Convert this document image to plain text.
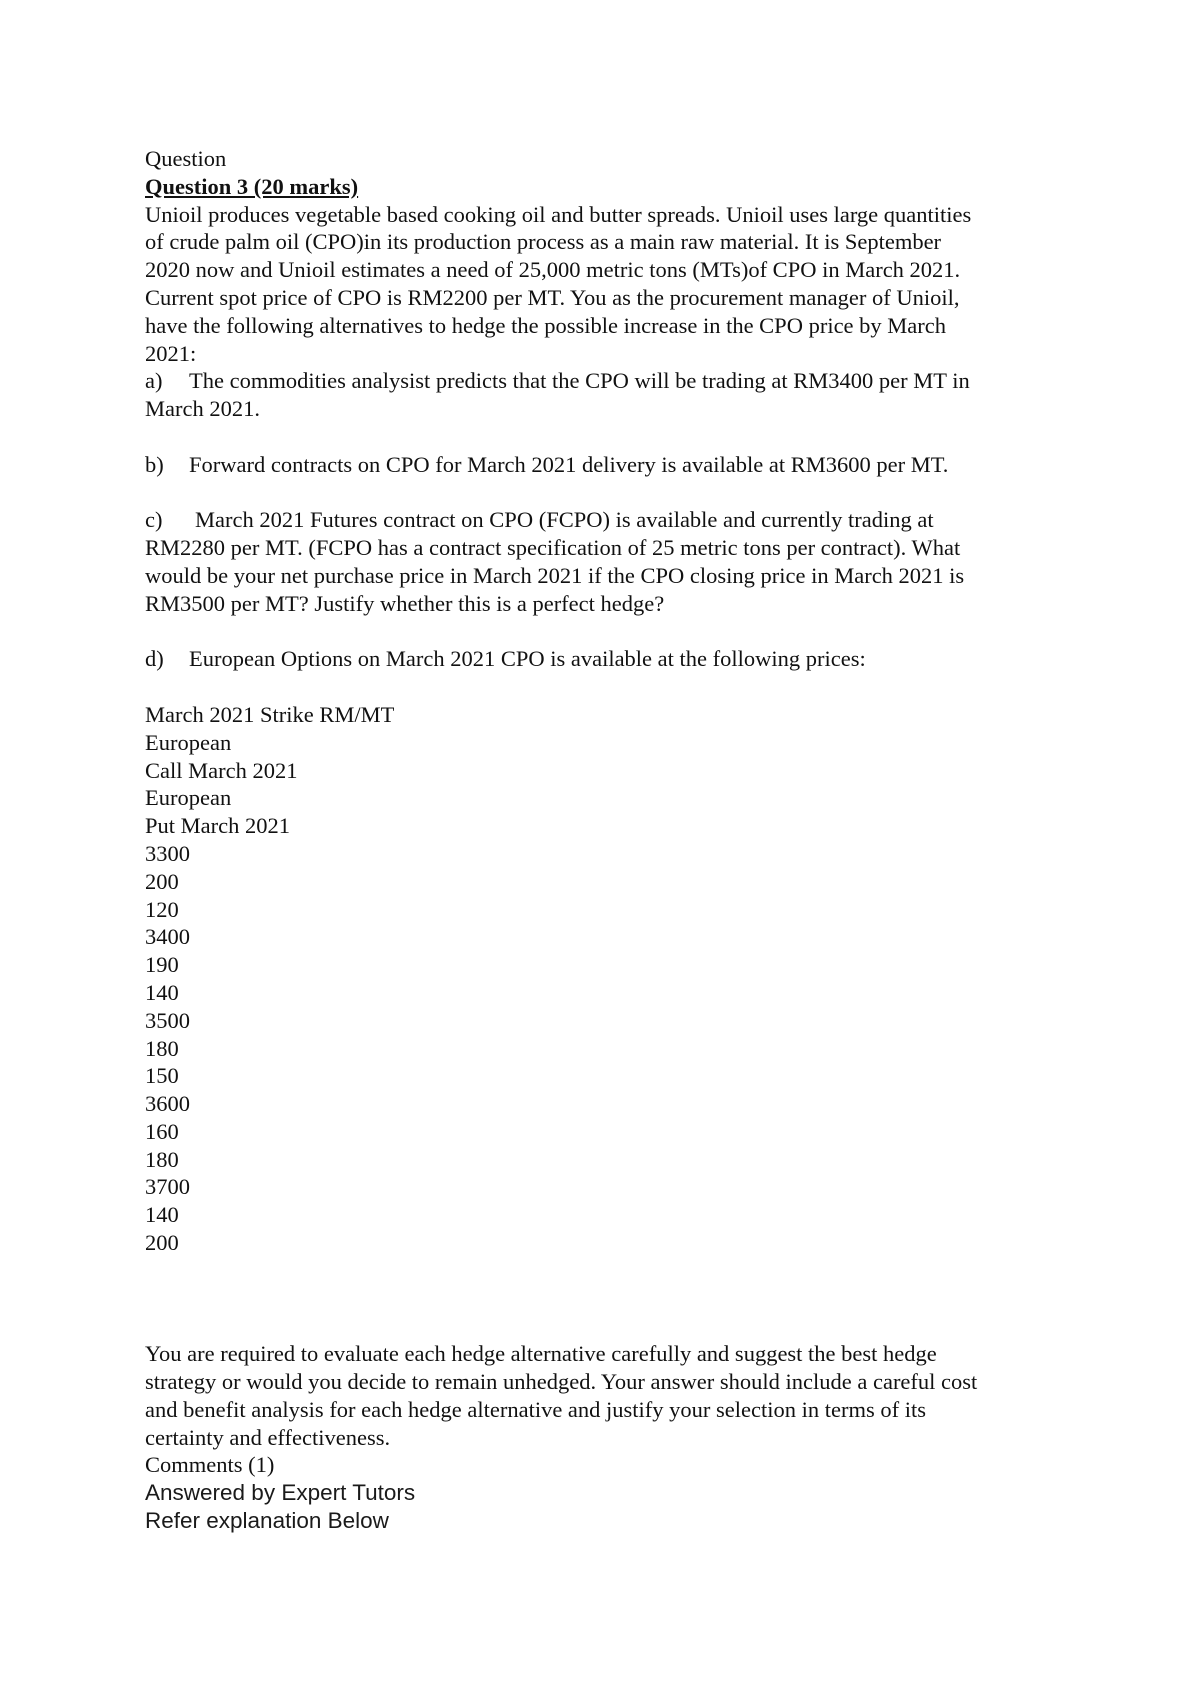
Question
Question 3 (20 marks)
Unioil produces vegetable based cooking oil and butter spreads. Unioil uses large quantities
of crude palm oil (CPO)in its production process as a main raw material. It is September
2020 now and Unioil estimates a need of 25,000 metric tons (MTs)of CPO in March 2021.
Current spot price of CPO is RM2200 per MT. You as the procurement manager of Unioil,
have the following alternatives to hedge the possible increase in the CPO price by March
2021:
a) The commodities analysist predicts that the CPO will be trading at RM3400 per MT in
March 2021.
b) Forward contracts on CPO for March 2021 delivery is available at RM3600 per MT.
c) March 2021 Futures contract on CPO (FCPO) is available and currently trading at
RM2280 per MT. (FCPO has a contract specification of 25 metric tons per contract). What
would be your net purchase price in March 2021 if the CPO closing price in March 2021 is
RM3500 per MT? Justify whether this is a perfect hedge?
d) European Options on March 2021 CPO is available at the following prices:
March 2021 Strike RM/MT
European
Call March 2021
European
Put March 2021
3300
200
120
3400
190
140
3500
180
150
3600
160
180
3700
140
200
You are required to evaluate each hedge alternative carefully and suggest the best hedge
strategy or would you decide to remain unhedged. Your answer should include a careful cost
and benefit analysis for each hedge alternative and justify your selection in terms of its
certainty and effectiveness.
Comments (1)
Answered by Expert Tutors
Refer explanation Below
